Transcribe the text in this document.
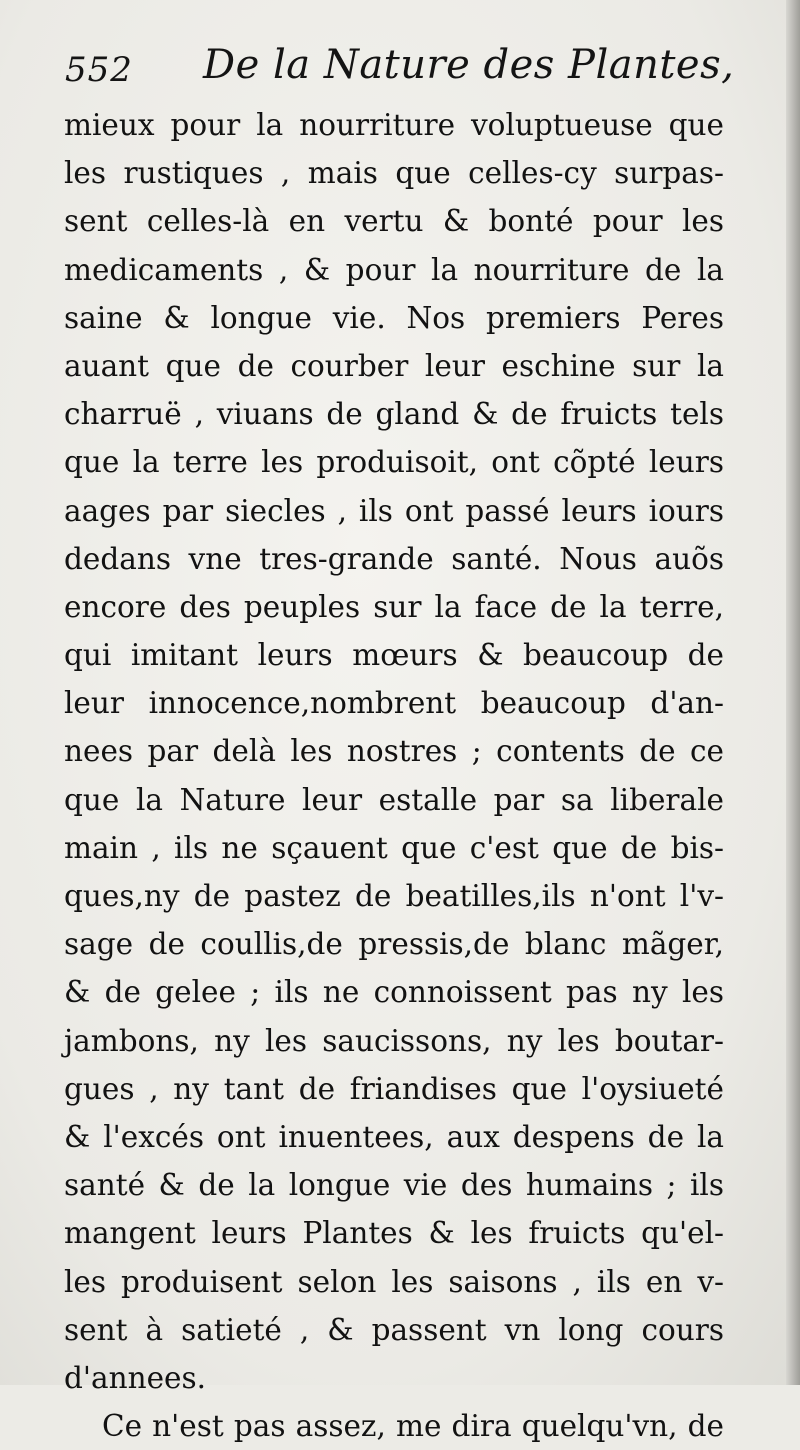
552 De la Nature des Plantes,
mieux pour la nourriture voluptueuse que
les rustiques , mais que celles-cy surpas-
sent celles-là en vertu & bonté pour les
medicaments , & pour la nourriture de la
saine & longue vie. Nos premiers Peres
auant que de courber leur eschine sur la
charruë , viuans de gland & de fruicts tels
que la terre les produisoit, ont cõpté leurs
aages par siecles , ils ont passé leurs iours
dedans vne tres-grande santé. Nous auõs
encore des peuples sur la face de la terre,
qui imitant leurs mœurs & beaucoup de
leur innocence,nombrent beaucoup d'an-
nees par delà les nostres ; contents de ce
que la Nature leur estalle par sa liberale
main , ils ne sçauent que c'est que de bis-
ques,ny de pastez de beatilles,ils n'ont l'v-
sage de coullis,de pressis,de blanc mãger,
& de gelee ; ils ne connoissent pas ny les
jambons, ny les saucissons, ny les boutar-
gues , ny tant de friandises que l'oysiueté
& l'excés ont inuentees, aux despens de la
santé & de la longue vie des humains ; ils
mangent leurs Plantes & les fruicts qu'el-
les produisent selon les saisons , ils en v-
sent à satieté , & passent vn long cours
d'annees.
Ce n'est pas assez, me dira quelqu'vn, de
